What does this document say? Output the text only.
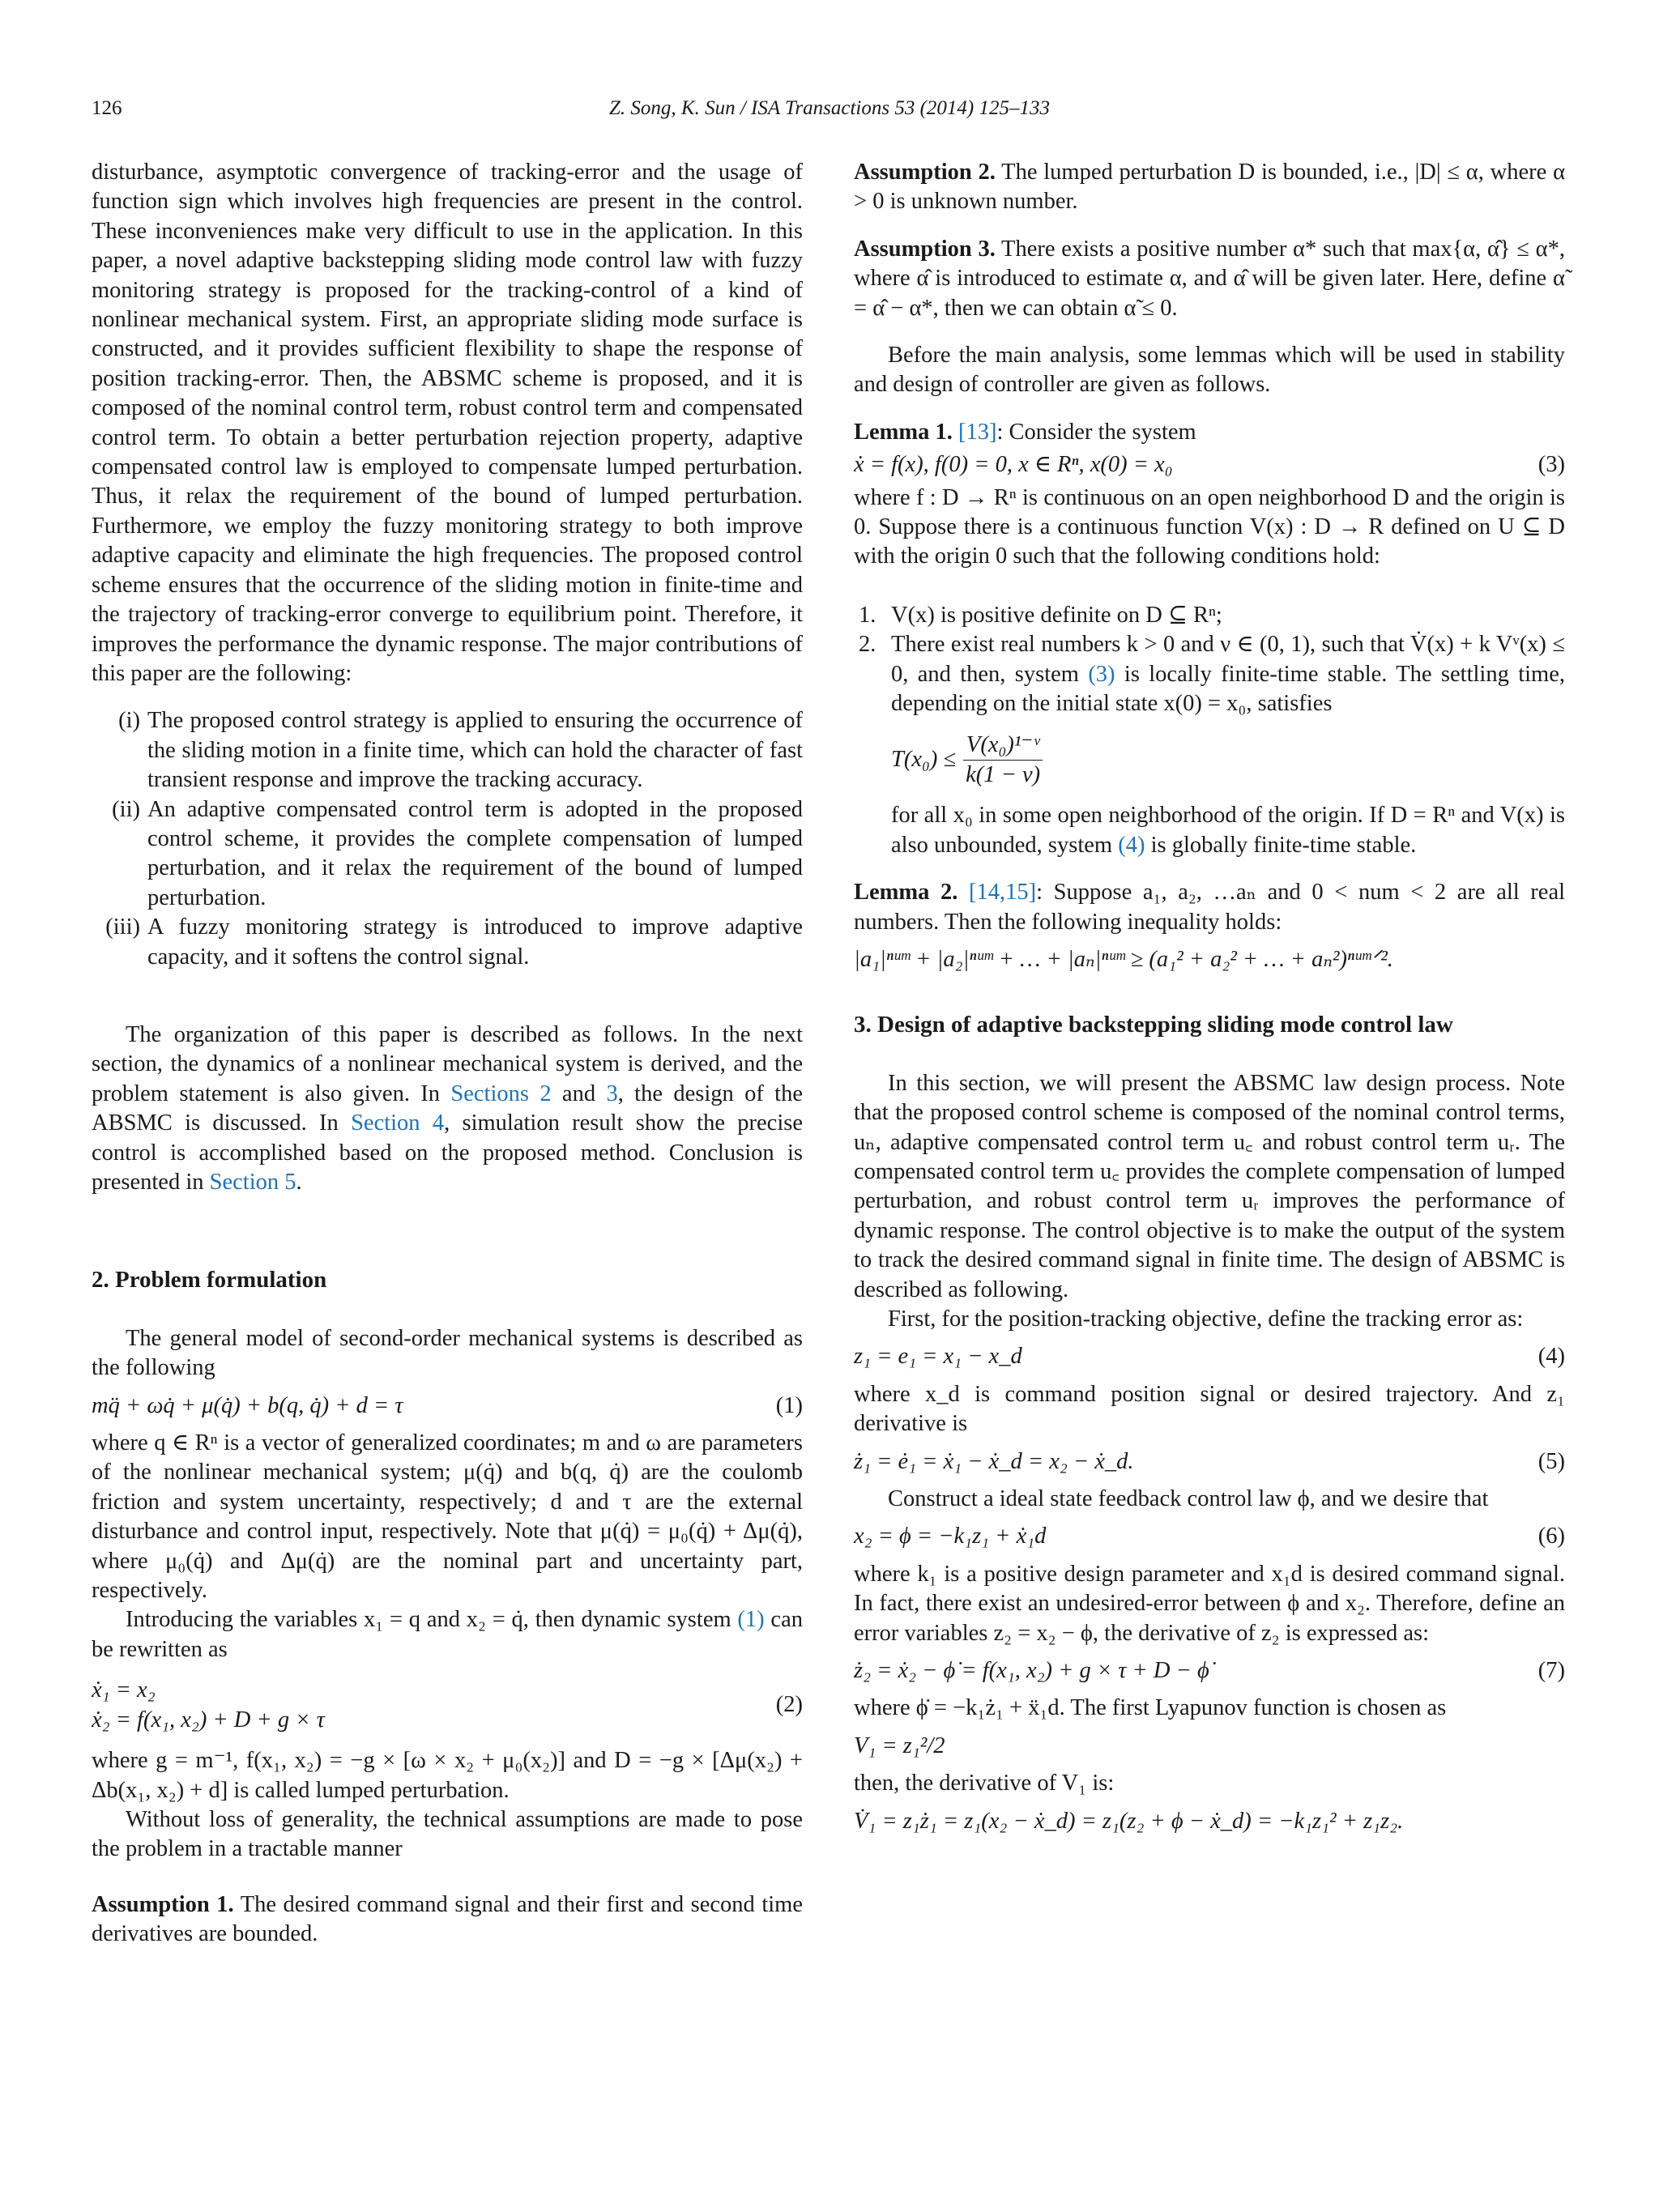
126	Z. Song, K. Sun / ISA Transactions 53 (2014) 125–133

disturbance, asymptotic convergence of tracking-error and the usage of function sign which involves high frequencies are present in the control. These inconveniences make very difficult to use in the application. In this paper, a novel adaptive backstepping sliding mode control law with fuzzy monitoring strategy is proposed for the tracking-control of a kind of nonlinear mechanical system. First, an appropriate sliding mode surface is constructed, and it provides sufficient flexibility to shape the response of position tracking-error. Then, the ABSMC scheme is proposed, and it is composed of the nominal control term, robust control term and compensated control term. To obtain a better perturbation rejection property, adaptive compensated control law is employed to compensate lumped perturbation. Thus, it relax the requirement of the bound of lumped perturbation. Furthermore, we employ the fuzzy monitoring strategy to both improve adaptive capacity and eliminate the high frequencies. The proposed control scheme ensures that the occurrence of the sliding motion in finite-time and the trajectory of tracking-error converge to equilibrium point. Therefore, it improves the performance the dynamic response. The major contributions of this paper are the following:

(i) The proposed control strategy is applied to ensuring the occurrence of the sliding motion in a finite time, which can hold the character of fast transient response and improve the tracking accuracy.
(ii) An adaptive compensated control term is adopted in the proposed control scheme, it provides the complete compensation of lumped perturbation, and it relax the requirement of the bound of lumped perturbation.
(iii) A fuzzy monitoring strategy is introduced to improve adaptive capacity, and it softens the control signal.

The organization of this paper is described as follows. In the next section, the dynamics of a nonlinear mechanical system is derived, and the problem statement is also given. In Sections 2 and 3, the design of the ABSMC is discussed. In Section 4, simulation result show the precise control is accomplished based on the proposed method. Conclusion is presented in Section 5.

2. Problem formulation

The general model of second-order mechanical systems is described as the following

mq̈ + ωq̇ + μ(q̇) + b(q, q̇) + d = τ	(1)

where q ∈ Rⁿ is a vector of generalized coordinates; m and ω are parameters of the nonlinear mechanical system; μ(q̇) and b(q, q̇) are the coulomb friction and system uncertainty, respectively; d and τ are the external disturbance and control input, respectively. Note that μ(q̇) = μ₀(q̇) + Δμ(q̇), where μ₀(q̇) and Δμ(q̇) are the nominal part and uncertainty part, respectively.

Introducing the variables x₁ = q and x₂ = q̇, then dynamic system (1) can be rewritten as

ẋ₁ = x₂
ẋ₂ = f(x₁, x₂) + D + g × τ
(2)

where g = m⁻¹, f(x₁, x₂) = −g × [ω × x₂ + μ₀(x₂)] and D = −g × [Δμ(x₂) + Δb(x₁, x₂) + d] is called lumped perturbation.

Without loss of generality, the technical assumptions are made to pose the problem in a tractable manner

Assumption 1. The desired command signal and their first and second time derivatives are bounded.

Assumption 2. The lumped perturbation D is bounded, i.e., |D| ≤ α, where α > 0 is unknown number.

Assumption 3. There exists a positive number α* such that max{α, α̂} ≤ α*, where α̂ is introduced to estimate α, and α̂ will be given later. Here, define α̃ = α̂ − α*, then we can obtain α̃ ≤ 0.

Before the main analysis, some lemmas which will be used in stability and design of controller are given as follows.

Lemma 1. [13]: Consider the system

ẋ = f(x), f(0) = 0, x ∈ Rⁿ, x(0) = x₀	(3)

where f : D → Rⁿ is continuous on an open neighborhood D and the origin is 0. Suppose there is a continuous function V(x) : D → R defined on U ⊆ D with the origin 0 such that the following conditions hold:

1. V(x) is positive definite on D ⊆ Rⁿ;
2. There exist real numbers k > 0 and ν ∈ (0, 1), such that V̇(x) + k Vᵛ(x) ≤ 0, and then, system (3) is locally finite-time stable. The settling time, depending on the initial state x(0) = x₀, satisfies
$T(x_0) \le \frac{\text{V(x₀)¹⁻ᵛ}}{k(1 - \nu)}$
for all x₀ in some open neighborhood of the origin. If D = Rⁿ and V(x) is also unbounded, system (4) is globally finite-time stable.

Lemma 2. [14,15]: Suppose a₁, a₂, …aₙ and 0 < num < 2 are all real numbers. Then the following inequality holds:

|a₁|ⁿᵘᵐ + |a₂|ⁿᵘᵐ + … + |aₙ|ⁿᵘᵐ ≥ (a₁² + a₂² + … + aₙ²)ⁿᵘᵐᐟ².
3. Design of adaptive backstepping sliding mode control law

In this section, we will present the ABSMC law design process. Note that the proposed control scheme is composed of the nominal control terms, uₙ, adaptive compensated control term u꜀ and robust control term uᵣ. The compensated control term u꜀ provides the complete compensation of lumped perturbation, and robust control term uᵣ improves the performance of dynamic response. The control objective is to make the output of the system to track the desired command signal in finite time. The design of ABSMC is described as following.

First, for the position-tracking objective, define the tracking error as:

z₁ = e₁ = x₁ − x_d	(4)

where x_d is command position signal or desired trajectory. And z₁ derivative is

ż₁ = ė₁ = ẋ₁ − ẋ_d = x₂ − ẋ_d.	(5)

Construct a ideal state feedback control law ϕ, and we desire that

x₂ = ϕ = −k₁z₁ + ẋ₁d	(6)

where k₁ is a positive design parameter and x₁d is desired command signal. In fact, there exist an undesired-error between ϕ and x₂. Therefore, define an error variables z₂ = x₂ − ϕ, the derivative of z₂ is expressed as:

ż₂ = ẋ₂ − ϕ̇ = f(x₁, x₂) + g × τ + D − ϕ̇	(7)

where ϕ̇ = −k₁ż₁ + ẍ₁d. The first Lyapunov function is chosen as

V₁ = z₁²/2

then, the derivative of V₁ is:

V̇₁ = z₁ż₁ = z₁(x₂ − ẋ_d) = z₁(z₂ + ϕ − ẋ_d) = −k₁z₁² + z₁z₂.
